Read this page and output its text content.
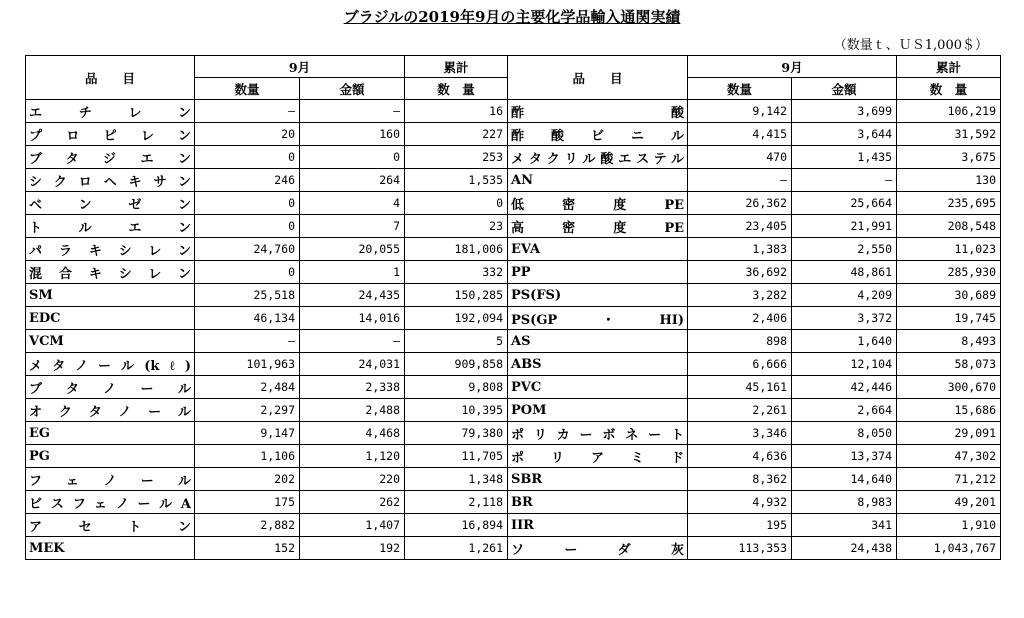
ブラジルの2019年9月の主要化学品輸入通関実績
（数量ｔ、ＵＳ1,000＄）
品　　目	9月		累計	品　　目	9月		累計
	数量	金額	数　量		数量	金額	数　量
エチレン	—	—	16	酢酸	9,142	3,699	106,219
プロピレン	20	160	227	酢酸ビニル	4,415	3,644	31,592
ブタジエン	0	0	253	メタクリル酸エステル	470	1,435	3,675
シクロヘキサン	246	264	1,535	AN	—	—	130
ベンゼン	0	4	0	低密度PE	26,362	25,664	235,695
トルエン	0	7	23	高密度PE	23,405	21,991	208,548
パラキシレン	24,760	20,055	181,006	EVA	1,383	2,550	11,023
混合キシレン	0	1	332	PP	36,692	48,861	285,930
SM	25,518	24,435	150,285	PS(FS)	3,282	4,209	30,689
EDC	46,134	14,016	192,094	PS(GP・HI)	2,406	3,372	19,745
VCM	—	—	5	AS	898	1,640	8,493
メタノール(kℓ)	101,963	24,031	909,858	ABS	6,666	12,104	58,073
ブタノール	2,484	2,338	9,808	PVC	45,161	42,446	300,670
オクタノール	2,297	2,488	10,395	POM	2,261	2,664	15,686
EG	9,147	4,468	79,380	ポリカーボネート	3,346	8,050	29,091
PG	1,106	1,120	11,705	ポリアミド	4,636	13,374	47,302
フェノール	202	220	1,348	SBR	8,362	14,640	71,212
ビスフェノールA	175	262	2,118	BR	4,932	8,983	49,201
アセトン	2,882	1,407	16,894	IIR	195	341	1,910
MEK	152	192	1,261	ソーダ灰	113,353	24,438	1,043,767
